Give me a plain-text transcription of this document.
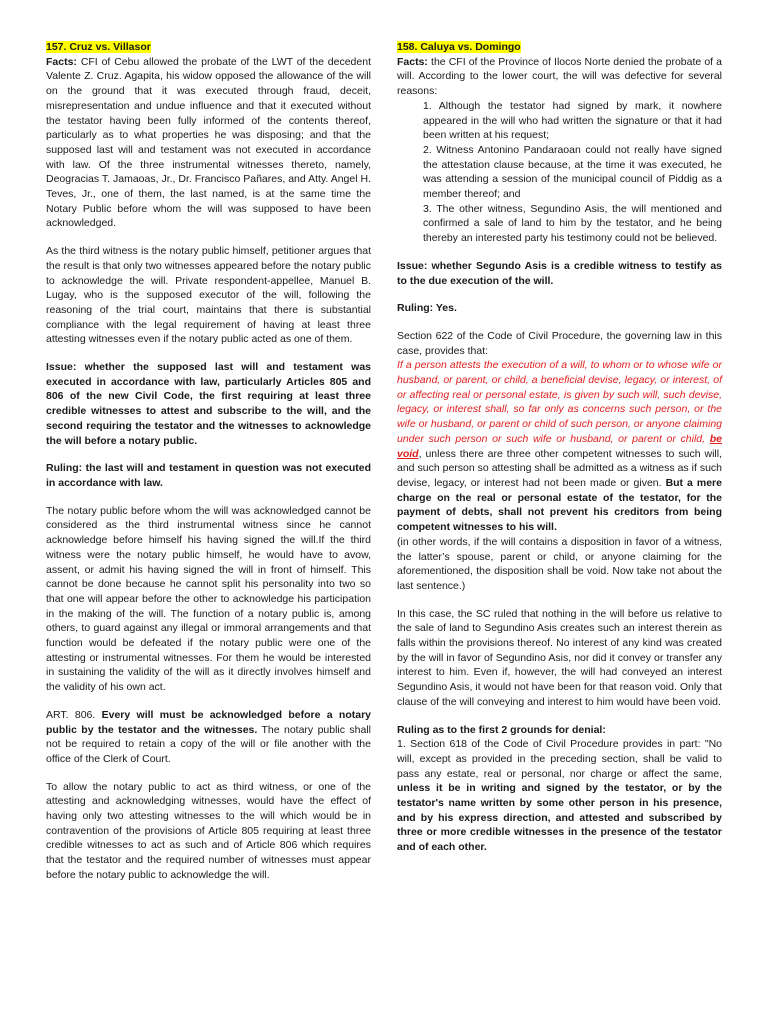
157. Cruz vs. Villasor
Facts: CFI of Cebu allowed the probate of the LWT of the decedent Valente Z. Cruz. Agapita, his widow opposed the allowance of the will on the ground that it was executed through fraud, deceit, misrepresentation and undue influence and that it executed without the testator having been fully informed of the contents thereof, particularly as to what properties he was disposing; and that the supposed last will and testament was not executed in accordance with law. Of the three instrumental witnesses thereto, namely, Deogracias T. Jamaoas, Jr., Dr. Francisco Pañares, and Atty. Angel H. Teves, Jr., one of them, the last named, is at the same time the Notary Public before whom the will was supposed to have been acknowledged.

As the third witness is the notary public himself, petitioner argues that the result is that only two witnesses appeared before the notary public to acknowledge the will. Private respondent-appellee, Manuel B. Lugay, who is the supposed executor of the will, following the reasoning of the trial court, maintains that there is substantial compliance with the legal requirement of having at least three attesting witnesses even if the notary public acted as one of them.

Issue: whether the supposed last will and testament was executed in accordance with law, particularly Articles 805 and 806 of the new Civil Code, the first requiring at least three credible witnesses to attest and subscribe to the will, and the second requiring the testator and the witnesses to acknowledge the will before a notary public.

Ruling: the last will and testament in question was not executed in accordance with law.

The notary public before whom the will was acknowledged cannot be considered as the third instrumental witness since he cannot acknowledge before himself his having signed the will.If the third witness were the notary public himself, he would have to avow, assent, or admit his having signed the will in front of himself. This cannot be done because he cannot split his personality into two so that one will appear before the other to acknowledge his participation in the making of the will. The function of a notary public is, among others, to guard against any illegal or immoral arrangements and that function would be defeated if the notary public were one of the attesting or instrumental witnesses. For them he would be interested in sustaining the validity of the will as it directly involves himself and the validity of his own act.

ART. 806. Every will must be acknowledged before a notary public by the testator and the witnesses. The notary public shall not be required to retain a copy of the will or file another with the office of the Clerk of Court.

To allow the notary public to act as third witness, or one of the attesting and acknowledging witnesses, would have the effect of having only two attesting witnesses to the will which would be in contravention of the provisions of Article 805 requiring at least three credible witnesses to act as such and of Article 806 which requires that the testator and the required number of witnesses must appear before the notary public to acknowledge the will.

158. Caluya vs. Domingo
Facts: the CFI of the Province of Ilocos Norte denied the probate of a will. According to the lower court, the will was defective for several reasons:

1. Although the testator had signed by mark, it nowhere appeared in the will who had written the signature or that it had been written at his request;
2. Witness Antonino Pandaraoan could not really have signed the attestation clause because, at the time it was executed, he was attending a session of the municipal council of Piddig as a member thereof; and
3. The other witness, Segundino Asis, the will mentioned and confirmed a sale of land to him by the testator, and he being thereby an interested party his testimony could not be believed.

Issue: whether Segundo Asis is a credible witness to testify as to the due execution of the will.

Ruling: Yes.

Section 622 of the Code of Civil Procedure, the governing law in this case, provides that:

If a person attests the execution of a will, to whom or to whose wife or husband, or parent, or child, a beneficial devise, legacy, or interest, of or affecting real or personal estate, is given by such will, such devise, legacy, or interest shall, so far only as concerns such person, or the wife or husband, or parent or child of such person, or anyone claiming under such person or such wife or husband, or parent or child, be void, unless there are three other competent witnesses to such will, and such person so attesting shall be admitted as a witness as if such devise, legacy, or interest had not been made or given. But a mere charge on the real or personal estate of the testator, for the payment of debts, shall not prevent his creditors from being competent witnesses to his will.

(in other words, if the will contains a disposition in favor of a witness, the latter’s spouse, parent or child, or anyone claiming for the aforementioned, the disposition shall be void. Now take not about the last sentence.)

In this case, the SC ruled that nothing in the will before us relative to the sale of land to Segundino Asis creates such an interest therein as falls within the provisions thereof. No interest of any kind was created by the will in favor of Segundino Asis, nor did it convey or transfer any interest to him. Even if, however, the will had conveyed an interest Segundino Asis, it would not have been for that reason void. Only that clause of the will conveying and interest to him would have been void.

Ruling as to the first 2 grounds for denial:

1. Section 618 of the Code of Civil Procedure provides in part: "No will, except as provided in the preceding section, shall be valid to pass any estate, real or personal, nor charge or affect the same, unless it be in writing and signed by the testator, or by the testator's name written by some other person in his presence, and by his express direction, and attested and subscribed by three or more credible witnesses in the presence of the testator and of each other.
